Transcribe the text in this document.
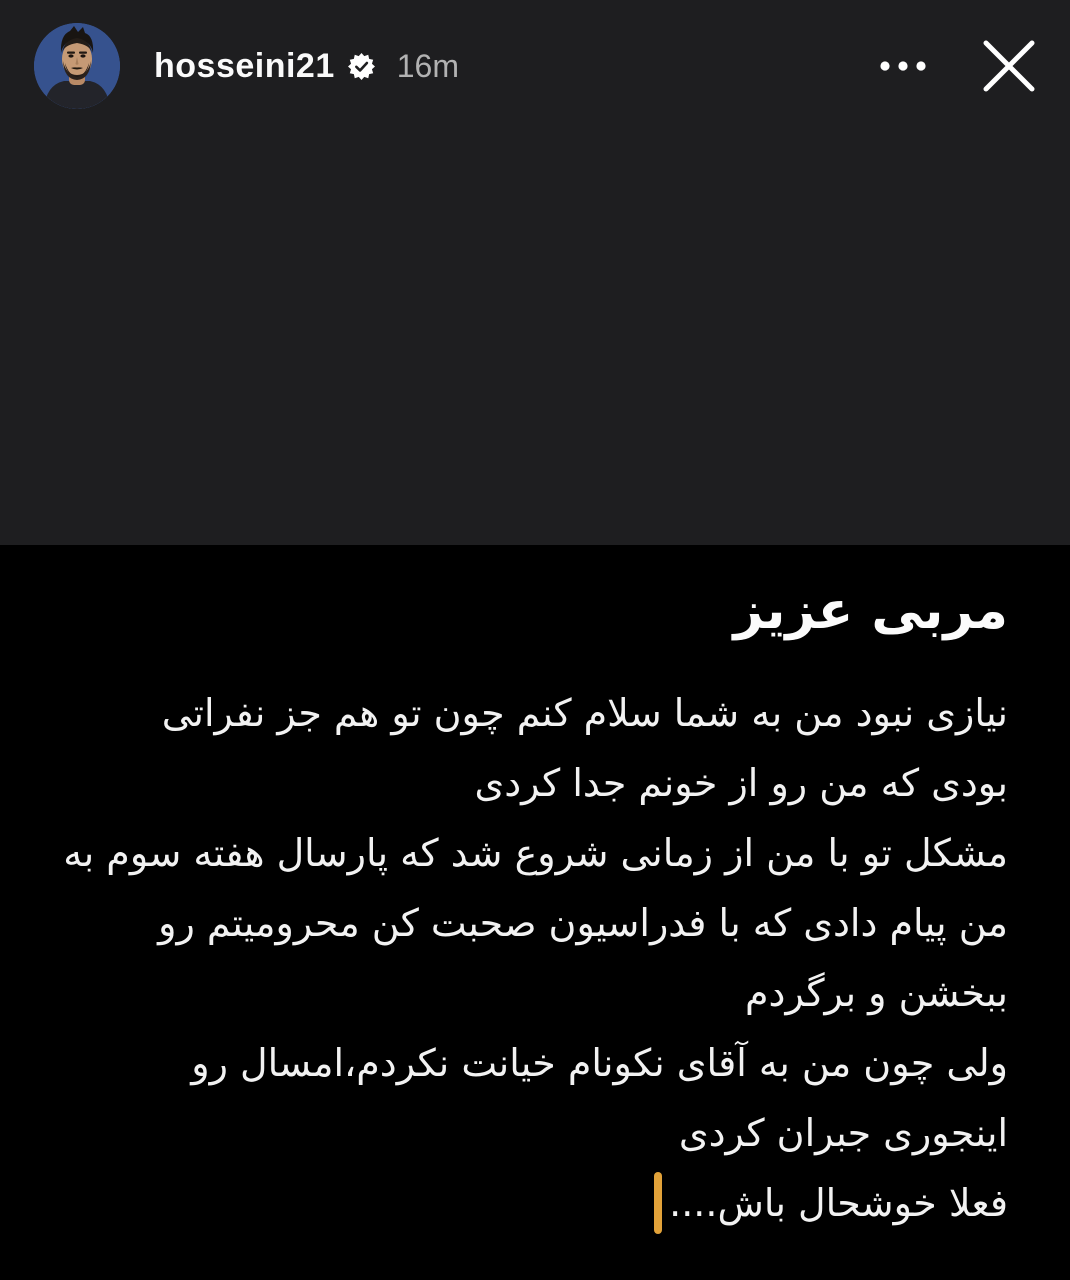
hosseini21 16m
مربی عزیز
نیازی نبود من به شما سلام کنم چون تو هم جز نفراتی
بودی که من رو از خونم جدا کردی
مشکل تو با من از زمانی شروع شد که پارسال هفته سوم به
من پیام دادی که با فدراسیون صحبت کن محرومیتم رو
ببخشن و برگردم
ولی چون من به آقای نکونام خیانت نکردم،امسال رو
اینجوری جبران کردی
فعلا خوشحال باش....
